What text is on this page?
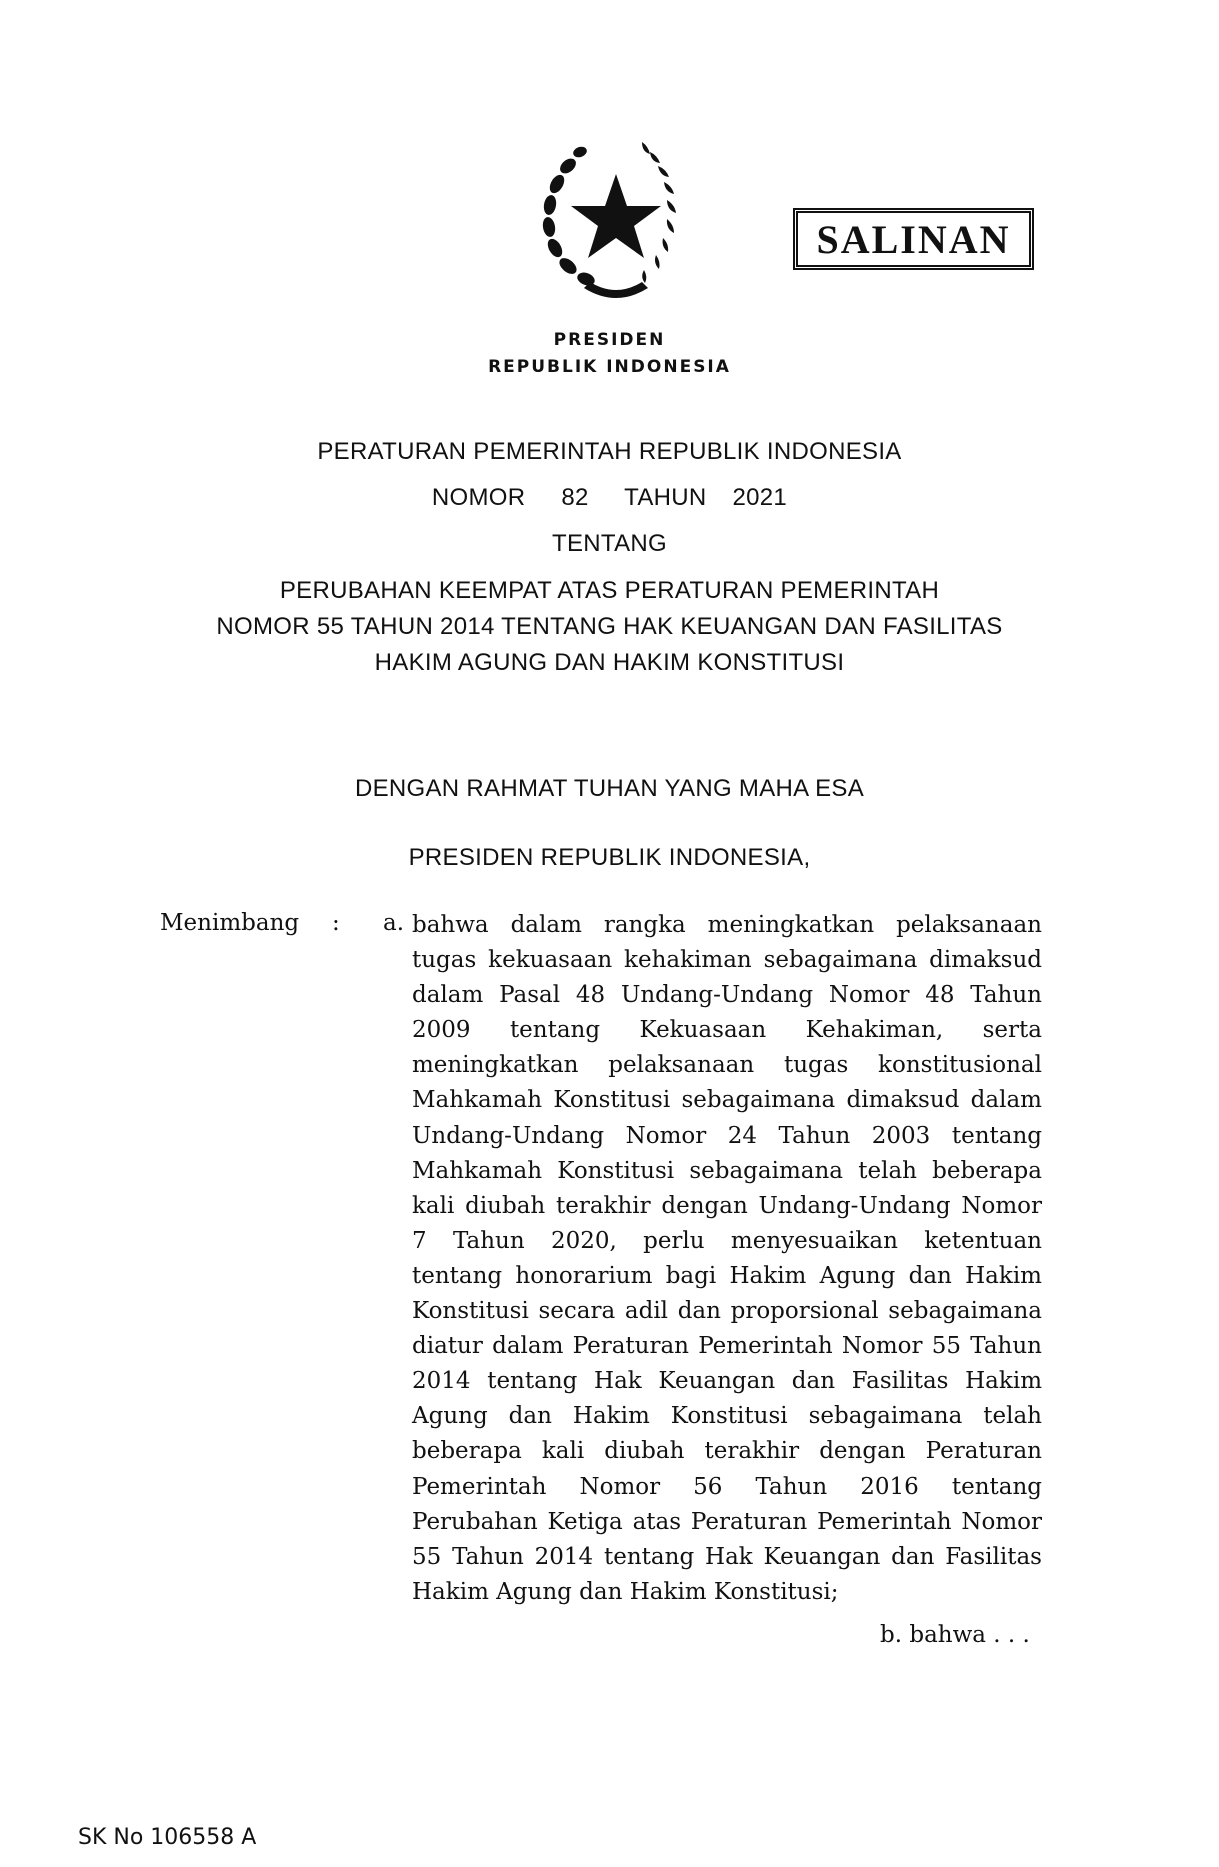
SALINAN
PRESIDEN
REPUBLIK INDONESIA
PERATURAN PEMERINTAH REPUBLIK INDONESIA
NOMOR 82 TAHUN 2021
TENTANG
PERUBAHAN KEEMPAT ATAS PERATURAN PEMERINTAH
NOMOR 55 TAHUN 2014 TENTANG HAK KEUANGAN DAN FASILITAS
HAKIM AGUNG DAN HAKIM KONSTITUSI
DENGAN RAHMAT TUHAN YANG MAHA ESA
PRESIDEN REPUBLIK INDONESIA,
Menimbang : a. bahwa dalam rangka meningkatkan pelaksanaan tugas kekuasaan kehakiman sebagaimana dimaksud dalam Pasal 48 Undang-Undang Nomor 48 Tahun 2009 tentang Kekuasaan Kehakiman, serta meningkatkan pelaksanaan tugas konstitusional Mahkamah Konstitusi sebagaimana dimaksud dalam Undang-Undang Nomor 24 Tahun 2003 tentang Mahkamah Konstitusi sebagaimana telah beberapa kali diubah terakhir dengan Undang-Undang Nomor 7 Tahun 2020, perlu menyesuaikan ketentuan tentang honorarium bagi Hakim Agung dan Hakim Konstitusi secara adil dan proporsional sebagaimana diatur dalam Peraturan Pemerintah Nomor 55 Tahun 2014 tentang Hak Keuangan dan Fasilitas Hakim Agung dan Hakim Konstitusi sebagaimana telah beberapa kali diubah terakhir dengan Peraturan Pemerintah Nomor 56 Tahun 2016 tentang Perubahan Ketiga atas Peraturan Pemerintah Nomor 55 Tahun 2014 tentang Hak Keuangan dan Fasilitas Hakim Agung dan Hakim Konstitusi;
b. bahwa . . .
SK No 106558 A
